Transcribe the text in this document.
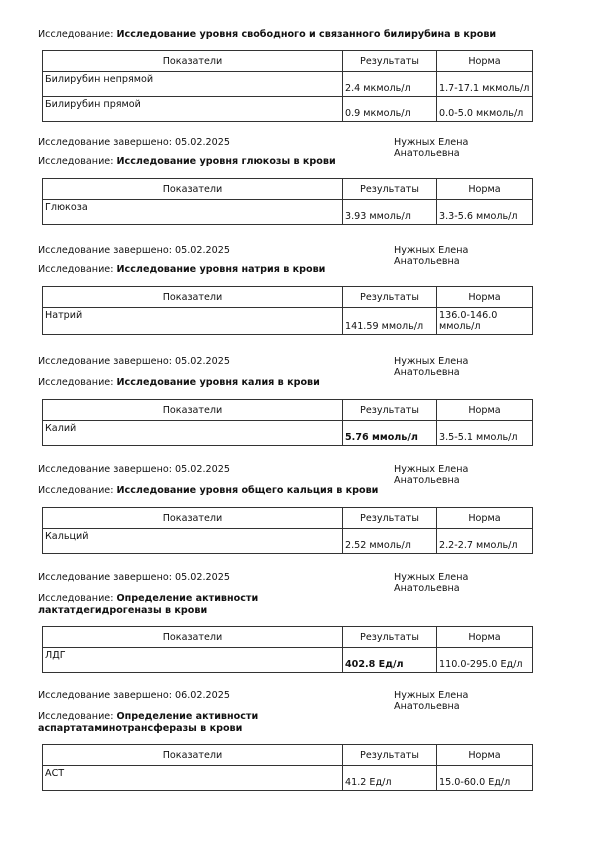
Исследование: Исследование уровня свободного и связанного билирубина в крови
Показатели	Результаты	Норма
Билирубин непрямой	2.4 мкмоль/л	1.7-17.1 мкмоль/л
Билирубин прямой	0.9 мкмоль/л	0.0-5.0 мкмоль/л
Исследование завершено: 05.02.2025	Нужных Елена Анатольевна
Исследование: Исследование уровня глюкозы в крови
Показатели	Результаты	Норма
Глюкоза	3.93 ммоль/л	3.3-5.6 ммоль/л
Исследование завершено: 05.02.2025	Нужных Елена Анатольевна
Исследование: Исследование уровня натрия в крови
Показатели	Результаты	Норма
Натрий	141.59 ммоль/л	136.0-146.0 ммоль/л
Исследование завершено: 05.02.2025	Нужных Елена Анатольевна
Исследование: Исследование уровня калия в крови
Показатели	Результаты	Норма
Калий	5.76 ммоль/л	3.5-5.1 ммоль/л
Исследование завершено: 05.02.2025	Нужных Елена Анатольевна
Исследование: Исследование уровня общего кальция в крови
Показатели	Результаты	Норма
Кальций	2.52 ммоль/л	2.2-2.7 ммоль/л
Исследование завершено: 05.02.2025	Нужных Елена Анатольевна
Исследование: Определение активности лактатдегидрогеназы в крови
Показатели	Результаты	Норма
ЛДГ	402.8 Ед/л	110.0-295.0 Ед/л
Исследование завершено: 06.02.2025	Нужных Елена Анатольевна
Исследование: Определение активности аспартатаминотрансферазы в крови
Показатели	Результаты	Норма
АСТ	41.2 Ед/л	15.0-60.0 Ед/л
